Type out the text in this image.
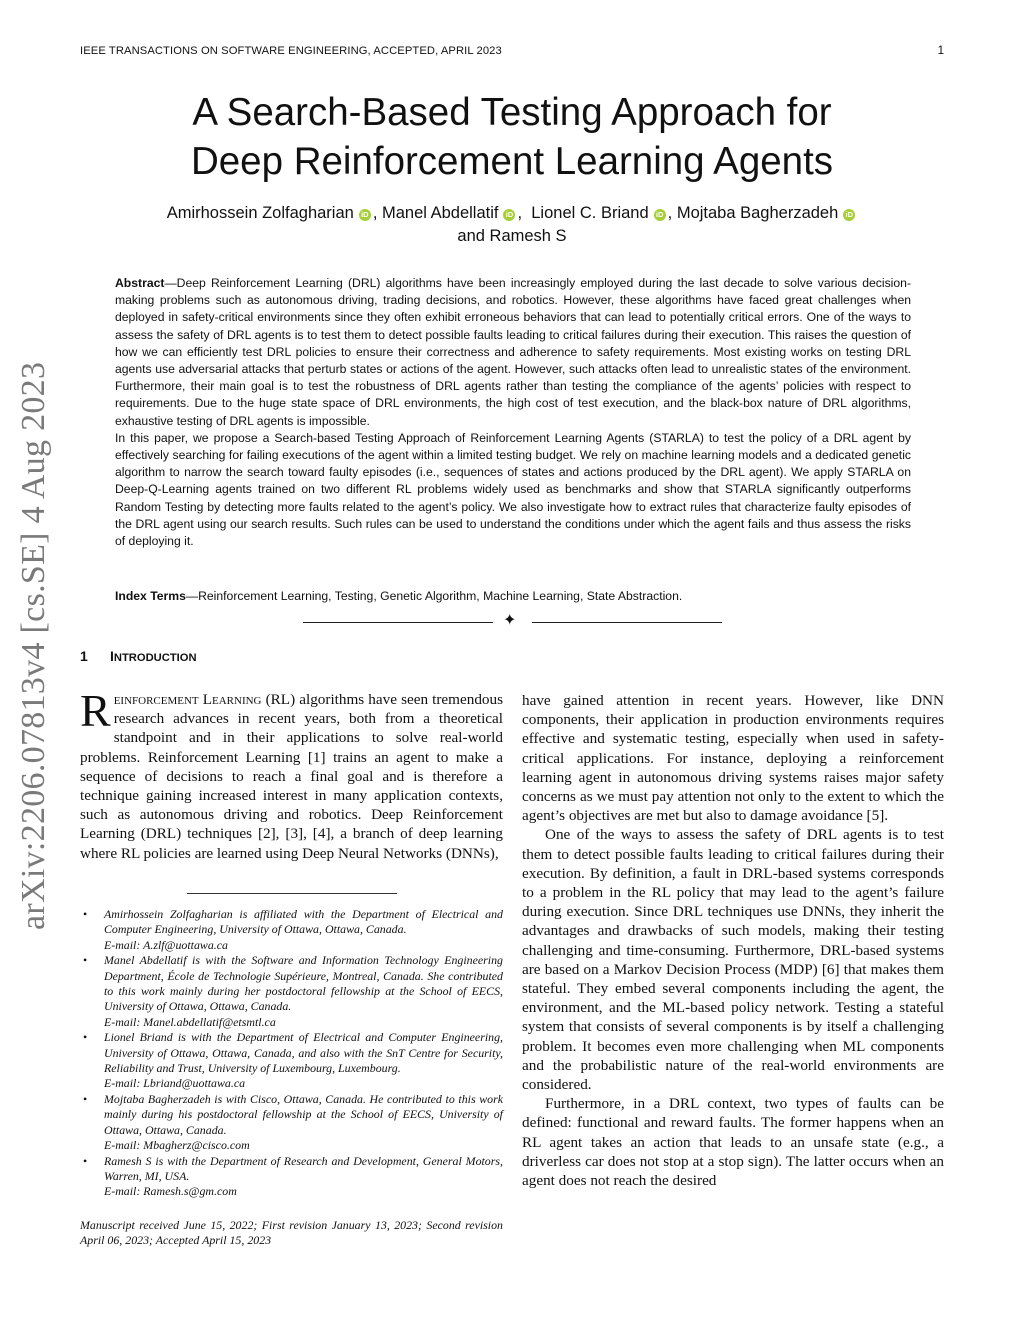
IEEE TRANSACTIONS ON SOFTWARE ENGINEERING, ACCEPTED, APRIL 2023	1
arXiv:2206.07813v4 [cs.SE] 4 Aug 2023
A Search-Based Testing Approach for
Deep Reinforcement Learning Agents
Amirhossein Zolfagharian iD , Manel Abdellatif iD ,  Lionel C. Briand iD , Mojtaba Bagherzadeh iD
and Ramesh S

Abstract—Deep Reinforcement Learning (DRL) algorithms have been increasingly employed during the last decade to solve various decision-making problems such as autonomous driving, trading decisions, and robotics. However, these algorithms have faced great challenges when deployed in safety-critical environments since they often exhibit erroneous behaviors that can lead to potentially critical errors. One of the ways to assess the safety of DRL agents is to test them to detect possible faults leading to critical failures during their execution. This raises the question of how we can efficiently test DRL policies to ensure their correctness and adherence to safety requirements. Most existing works on testing DRL agents use adversarial attacks that perturb states or actions of the agent. However, such attacks often lead to unrealistic states of the environment. Furthermore, their main goal is to test the robustness of DRL agents rather than testing the compliance of the agents’ policies with respect to requirements. Due to the huge state space of DRL environments, the high cost of test execution, and the black-box nature of DRL algorithms, exhaustive testing of DRL agents is impossible.

In this paper, we propose a Search-based Testing Approach of Reinforcement Learning Agents (STARLA) to test the policy of a DRL agent by effectively searching for failing executions of the agent within a limited testing budget. We rely on machine learning models and a dedicated genetic algorithm to narrow the search toward faulty episodes (i.e., sequences of states and actions produced by the DRL agent). We apply STARLA on Deep-Q-Learning agents trained on two different RL problems widely used as benchmarks and show that STARLA significantly outperforms Random Testing by detecting more faults related to the agent’s policy. We also investigate how to extract rules that characterize faulty episodes of the DRL agent using our search results. Such rules can be used to understand the conditions under which the agent fails and thus assess the risks of deploying it.

Index Terms—Reinforcement Learning, Testing, Genetic Algorithm, Machine Learning, State Abstraction.
✦
1 INTRODUCTION

Reinforcement Learning (RL) algorithms have seen tremendous research advances in recent years, both from a theoretical standpoint and in their applications to solve real-world problems. Reinforcement Learning [1] trains an agent to make a sequence of decisions to reach a final goal and is therefore a technique gaining increased interest in many application contexts, such as autonomous driving and robotics. Deep Reinforcement Learning (DRL) techniques [2], [3], [4], a branch of deep learning where RL policies are learned using Deep Neural Networks (DNNs),

• Amirhossein Zolfagharian is affiliated with the Department of Electrical and Computer Engineering, University of Ottawa, Ottawa, Canada.
E-mail: A.zlf@uottawa.ca
• Manel Abdellatif is with the Software and Information Technology Engineering Department, École de Technologie Supérieure, Montreal, Canada. She contributed to this work mainly during her postdoctoral fellowship at the School of EECS, University of Ottawa, Ottawa, Canada.
E-mail: Manel.abdellatif@etsmtl.ca
• Lionel Briand is with the Department of Electrical and Computer Engineering, University of Ottawa, Ottawa, Canada, and also with the SnT Centre for Security, Reliability and Trust, University of Luxembourg, Luxembourg.
E-mail: Lbriand@uottawa.ca
• Mojtaba Bagherzadeh is with Cisco, Ottawa, Canada. He contributed to this work mainly during his postdoctoral fellowship at the School of EECS, University of Ottawa, Ottawa, Canada.
E-mail: Mbagherz@cisco.com
• Ramesh S is with the Department of Research and Development, General Motors, Warren, MI, USA.
E-mail: Ramesh.s@gm.com
Manuscript received June 15, 2022; First revision January 13, 2023; Second revision April 06, 2023; Accepted April 15, 2023

have gained attention in recent years. However, like DNN components, their application in production environments requires effective and systematic testing, especially when used in safety-critical applications. For instance, deploying a reinforcement learning agent in autonomous driving systems raises major safety concerns as we must pay attention not only to the extent to which the agent’s objectives are met but also to damage avoidance [5].

One of the ways to assess the safety of DRL agents is to test them to detect possible faults leading to critical failures during their execution. By definition, a fault in DRL-based systems corresponds to a problem in the RL policy that may lead to the agent’s failure during execution. Since DRL techniques use DNNs, they inherit the advantages and drawbacks of such models, making their testing challenging and time-consuming. Furthermore, DRL-based systems are based on a Markov Decision Process (MDP) [6] that makes them stateful. They embed several components including the agent, the environment, and the ML-based policy network. Testing a stateful system that consists of several components is by itself a challenging problem. It becomes even more challenging when ML components and the probabilistic nature of the real-world environments are considered.

Furthermore, in a DRL context, two types of faults can be defined: functional and reward faults. The former happens when an RL agent takes an action that leads to an unsafe state (e.g., a driverless car does not stop at a stop sign). The latter occurs when an agent does not reach the desired
